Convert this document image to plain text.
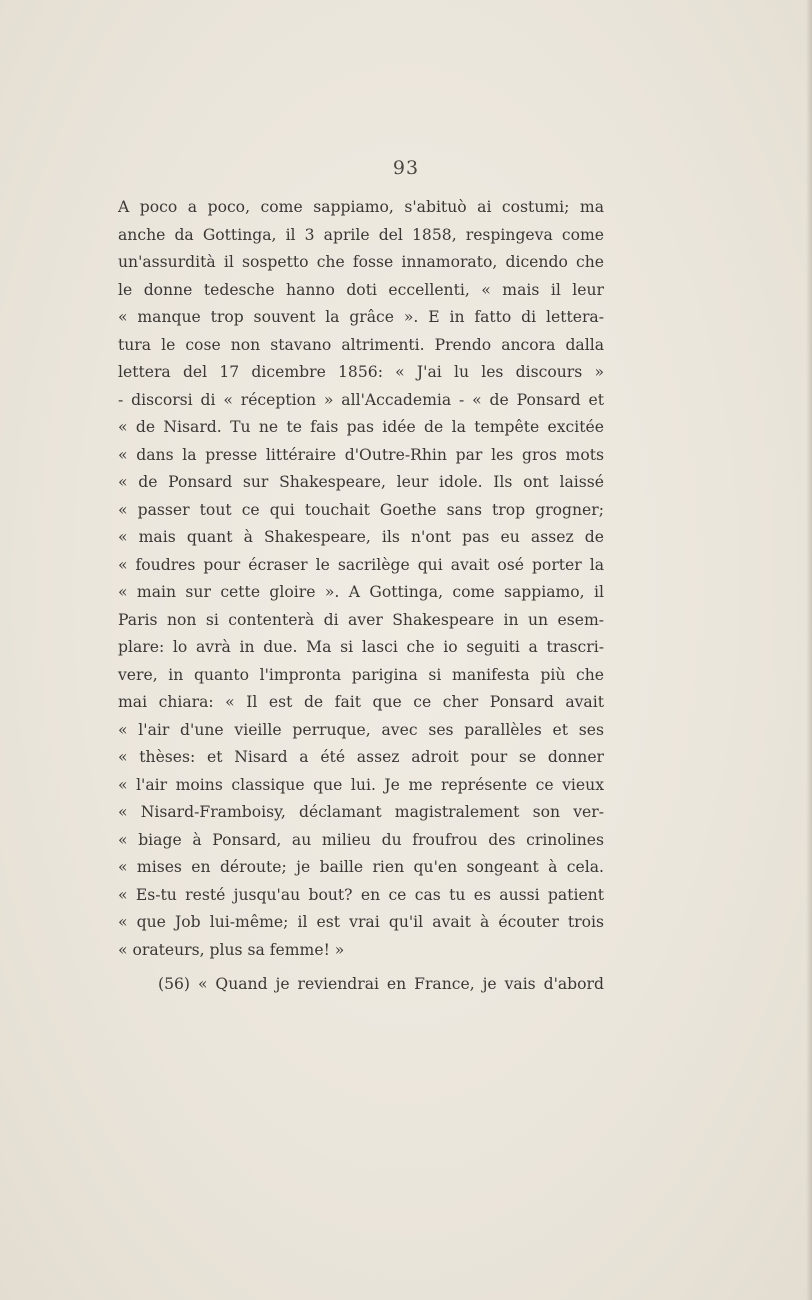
93
A poco a poco, come sappiamo, s'abituò ai costumi; ma
anche da Gottinga, il 3 aprile del 1858, respingeva come
un'assurdità il sospetto che fosse innamorato, dicendo che
le donne tedesche hanno doti eccellenti, « mais il leur
« manque trop souvent la grâce ». E in fatto di lettera-
tura le cose non stavano altrimenti. Prendo ancora dalla
lettera del 17 dicembre 1856: « J'ai lu les discours »
- discorsi di « réception » all'Accademia - « de Ponsard et
« de Nisard. Tu ne te fais pas idée de la tempête excitée
« dans la presse littéraire d'Outre-Rhin par les gros mots
« de Ponsard sur Shakespeare, leur idole. Ils ont laissé
« passer tout ce qui touchait Goethe sans trop grogner;
« mais quant à Shakespeare, ils n'ont pas eu assez de
« foudres pour écraser le sacrilège qui avait osé porter la
« main sur cette gloire ». A Gottinga, come sappiamo, il
Paris non si contenterà di aver Shakespeare in un esem-
plare: lo avrà in due. Ma si lasci che io seguiti a trascri-
vere, in quanto l'impronta parigina si manifesta più che
mai chiara: « Il est de fait que ce cher Ponsard avait
« l'air d'une vieille perruque, avec ses parallèles et ses
« thèses: et Nisard a été assez adroit pour se donner
« l'air moins classique que lui. Je me représente ce vieux
« Nisard-Framboisy, déclamant magistralement son ver-
« biage à Ponsard, au milieu du froufrou des crinolines
« mises en déroute; je baille rien qu'en songeant à cela.
« Es-tu resté jusqu'au bout? en ce cas tu es aussi patient
« que Job lui-même; il est vrai qu'il avait à écouter trois
« orateurs, plus sa femme! »
(56) « Quand je reviendrai en France, je vais d'abord
